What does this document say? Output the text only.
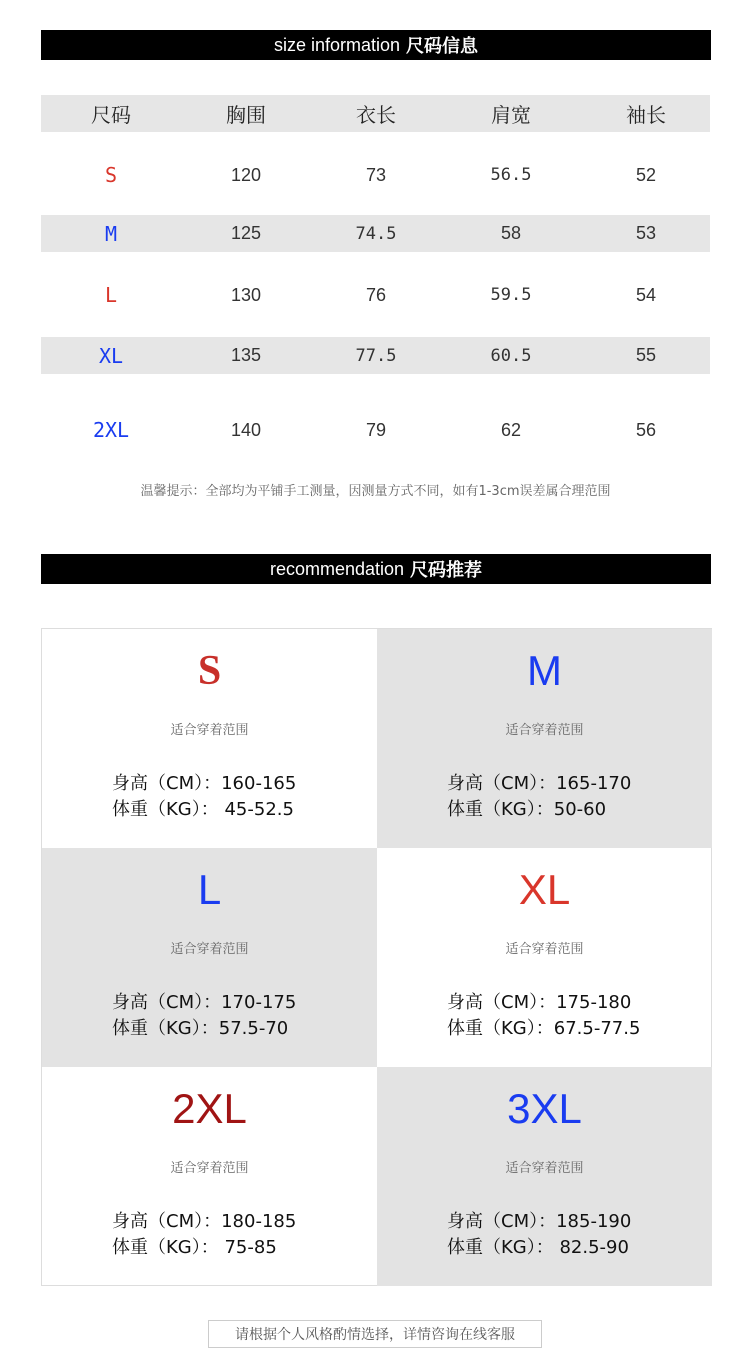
size information 尺码信息
尺码	胸围	衣长	肩宽	袖长
S	120	73	56.5	52
M	125	74.5	58	53
L	130	76	59.5	54
XL	135	77.5	60.5	55
2XL	140	79	62	56
温馨提示：全部均为平铺手工测量，因测量方式不同，如有1-3cm误差属合理范围
recommendation 尺码推荐
S
适合穿着范围
身高（CM）：160-165
体重（KG）： 45-52.5
M
适合穿着范围
身高（CM）：165-170
体重（KG）：50-60
L
适合穿着范围
身高（CM）：170-175
体重（KG）：57.5-70
XL
适合穿着范围
身高（CM）：175-180
体重（KG）：67.5-77.5
2XL
适合穿着范围
身高（CM）：180-185
体重（KG）： 75-85
3XL
适合穿着范围
身高（CM）：185-190
体重（KG）： 82.5-90
请根据个人风格酌情选择，详情咨询在线客服
